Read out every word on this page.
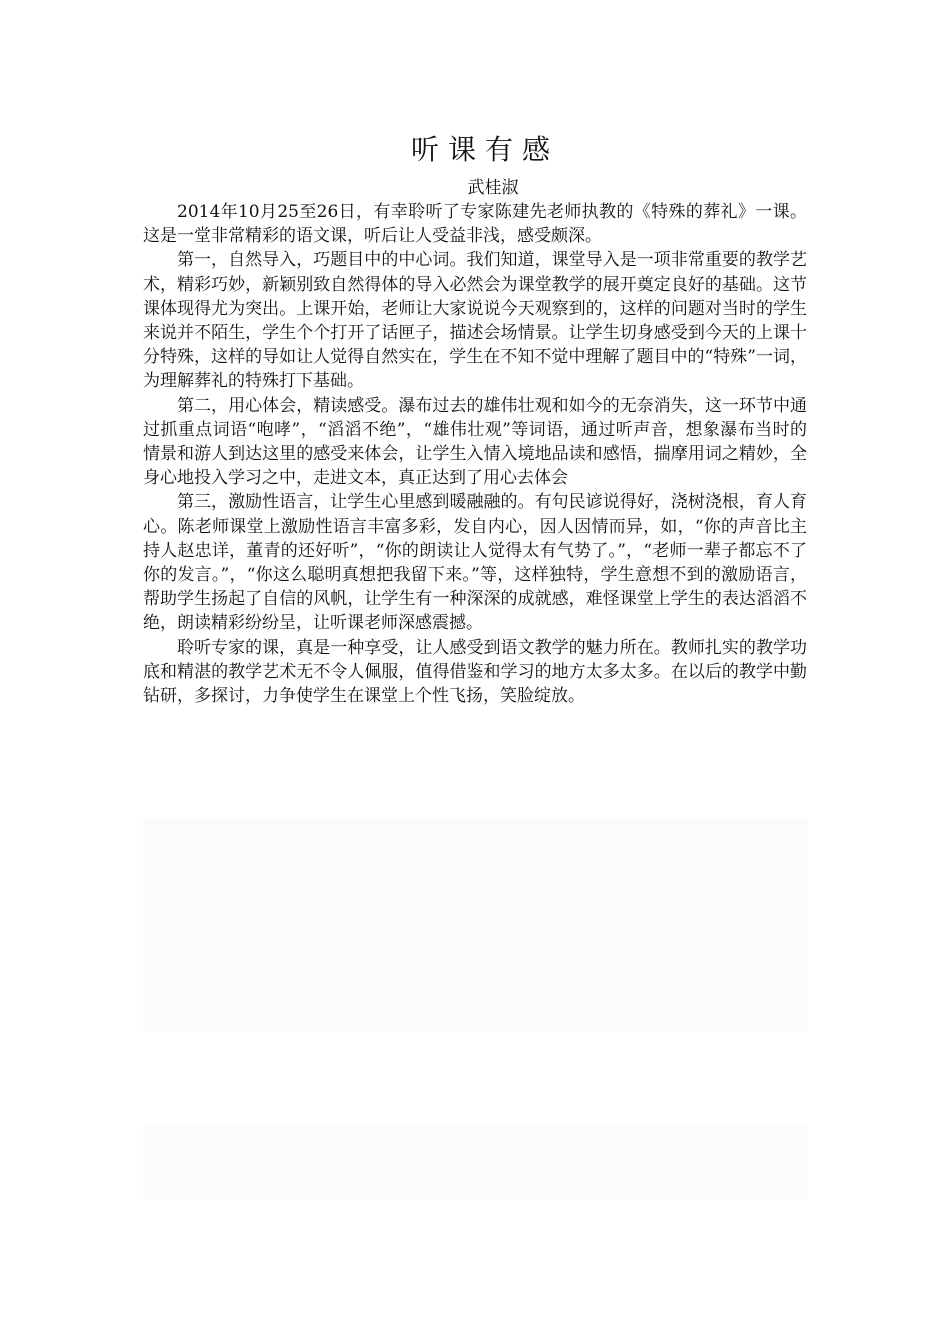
听课有感
武桂淑

2014年10月25至26日，有幸聆听了专家陈建先老师执教的《特殊的葬礼》一课。这是一堂非常精彩的语文课，听后让人受益非浅，感受颇深。

第一，自然导入，巧题目中的中心词。我们知道，课堂导入是一项非常重要的教学艺术，精彩巧妙，新颖别致自然得体的导入必然会为课堂教学的展开奠定良好的基础。这节课体现得尤为突出。上课开始，老师让大家说说今天观察到的，这样的问题对当时的学生来说并不陌生，学生个个打开了话匣子，描述会场情景。让学生切身感受到今天的上课十分特殊，这样的导如让人觉得自然实在，学生在不知不觉中理解了题目中的“特殊”一词，为理解葬礼的特殊打下基础。

第二，用心体会，精读感受。瀑布过去的雄伟壮观和如今的无奈消失，这一环节中通过抓重点词语“咆哮”，“滔滔不绝”，“雄伟壮观”等词语，通过听声音，想象瀑布当时的情景和游人到达这里的感受来体会，让学生入情入境地品读和感悟，揣摩用词之精妙，全身心地投入学习之中，走进文本，真正达到了用心去体会

第三，激励性语言，让学生心里感到暖融融的。有句民谚说得好，浇树浇根，育人育心。陈老师课堂上激励性语言丰富多彩，发自内心，因人因情而异，如，“你的声音比主持人赵忠详，董青的还好听”，“你的朗读让人觉得太有气势了。”，“老师一辈子都忘不了你的发言。”，“你这么聪明真想把我留下来。”等，这样独特，学生意想不到的激励语言，帮助学生扬起了自信的风帆，让学生有一种深深的成就感，难怪课堂上学生的表达滔滔不绝，朗读精彩纷纷呈，让听课老师深感震撼。

聆听专家的课，真是一种享受，让人感受到语文教学的魅力所在。教师扎实的教学功底和精湛的教学艺术无不令人佩服，值得借鉴和学习的地方太多太多。在以后的教学中勤钻研，多探讨，力争使学生在课堂上个性飞扬，笑脸绽放。
